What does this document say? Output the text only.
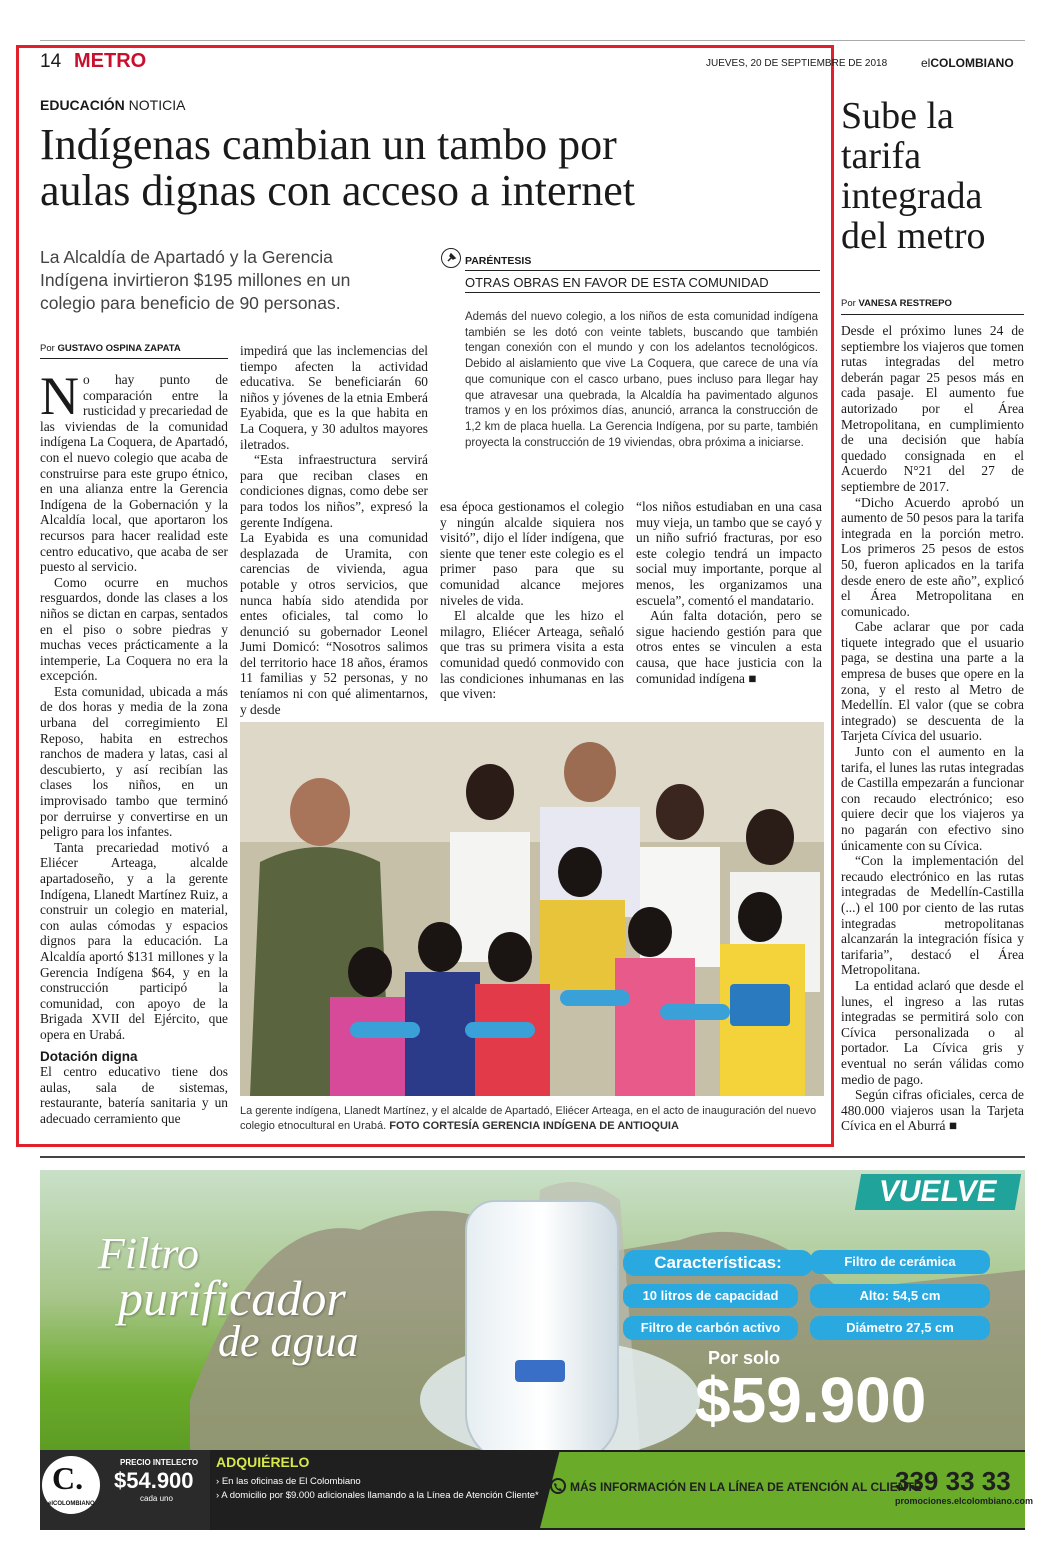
14 METRO	JUEVES, 20 DE SEPTIEMBRE DE 2018	elCOLOMBIANO
EDUCACIÓN NOTICIA
Indígenas cambian un tambo por
aulas dignas con acceso a internet
La Alcaldía de Apartadó y la Gerencia
Indígena invirtieron $195 millones en un
colegio para beneficio de 90 personas.
PARÉNTESIS
OTRAS OBRAS EN FAVOR DE ESTA COMUNIDAD
Además del nuevo colegio, a los niños de esta comunidad indígena también se les dotó con veinte tablets, buscando que también tengan conexión con el mundo y con los adelantos tecnológicos. Debido al aislamiento que vive La Coquera, que carece de una vía que comunique con el casco urbano, pues incluso para llegar hay que atravesar una quebrada, la Alcaldía ha pavimentado algunos tramos y en los próximos días, anunció, arranca la construcción de 1,2 km de placa huella. La Gerencia Indígena, por su parte, también proyecta la construcción de 19 viviendas, obra próxima a iniciarse.
Por GUSTAVO OSPINA ZAPATA

No hay punto de comparación entre la rusticidad y precariedad de las viviendas de la comunidad indígena La Coquera, de Apartadó, con el nuevo colegio que acaba de construirse para este grupo étnico, en una alianza entre la Gerencia Indígena de la Gobernación y la Alcaldía local, que aportaron los recursos para hacer realidad este centro educativo, que acaba de ser puesto al servicio.

Como ocurre en muchos resguardos, donde las clases a los niños se dictan en carpas, sentados en el piso o sobre piedras y muchas veces prácticamente a la intemperie, La Coquera no era la excepción.

Esta comunidad, ubicada a más de dos horas y media de la zona urbana del corregimiento El Reposo, habita en estrechos ranchos de madera y latas, casi al descubierto, y así recibían las clases los niños, en un improvisado tambo que terminó por derruirse y convertirse en un peligro para los infantes.

Tanta precariedad motivó a Eliécer Arteaga, alcalde apartadoseño, y a la gerente Indígena, Llanedt Martínez Ruiz, a construir un colegio en material, con aulas cómodas y espacios dignos para la educación. La Alcaldía aportó $131 millones y la Gerencia Indígena $64, y en la construcción participó la comunidad, con apoyo de la Brigada XVII del Ejército, que opera en Urabá.

Dotación digna

El centro educativo tiene dos aulas, sala de sistemas, restaurante, batería sanitaria y un adecuado cerramiento que

impedirá que las inclemencias del tiempo afecten la actividad educativa. Se beneficiarán 60 niños y jóvenes de la etnia Emberá Eyabida, que es la que habita en La Coquera, y 30 adultos mayores iletrados.

“Esta infraestructura servirá para que reciban clases en condiciones dignas, como debe ser para todos los niños”, expresó la gerente Indígena.

La Eyabida es una comunidad desplazada de Uramita, con carencias de vivienda, agua potable y otros servicios, que nunca había sido atendida por entes oficiales, tal como lo denunció su gobernador Leonel Jumi Domicó: “Nosotros salimos del territorio hace 18 años, éramos 11 familias y 52 personas, y no teníamos ni con qué alimentarnos, y desde

esa época gestionamos el colegio y ningún alcalde siquiera nos visitó”, dijo el líder indígena, que siente que tener este colegio es el primer paso para que su comunidad alcance mejores niveles de vida.

El alcalde que les hizo el milagro, Eliécer Arteaga, señaló que tras su primera visita a esta comunidad quedó conmovido con las condiciones inhumanas en las que viven:

“los niños estudiaban en una casa muy vieja, un tambo que se cayó y un niño sufrió fracturas, por eso este colegio tendrá un impacto social muy importante, porque al menos, les organizamos una escuela”, comentó el mandatario.

Aún falta dotación, pero se sigue haciendo gestión para que otros entes se vinculen a esta causa, que hace justicia con la comunidad indígena ■

La gerente indígena, Llanedt Martínez, y el alcalde de Apartadó, Eliécer Arteaga, en el acto de inauguración del nuevo colegio etnocultural en Urabá. FOTO CORTESÍA GERENCIA INDÍGENA DE ANTIOQUIA
Sube la
tarifa
integrada
del metro
Por VANESA RESTREPO

Desde el próximo lunes 24 de septiembre los viajeros que tomen rutas integradas del metro deberán pagar 25 pesos más en cada pasaje. El aumento fue autorizado por el Área Metropolitana, en cumplimiento de una decisión que había quedado consignada en el Acuerdo N°21 del 27 de septiembre de 2017.

“Dicho Acuerdo aprobó un aumento de 50 pesos para la tarifa integrada en la porción metro. Los primeros 25 pesos de estos 50, fueron aplicados en la tarifa desde enero de este año”, explicó el Área Metropolitana en comunicado.

Cabe aclarar que por cada tiquete integrado que el usuario paga, se destina una parte a la empresa de buses que opere en la zona, y el resto al Metro de Medellín. El valor (que se cobra integrado) se descuenta de la Tarjeta Cívica del usuario.

Junto con el aumento en la tarifa, el lunes las rutas integradas de Castilla empezarán a funcionar con recaudo electrónico; eso quiere decir que los viajeros ya no pagarán con efectivo sino únicamente con su Cívica.

“Con la implementación del recaudo electrónico en las rutas integradas de Medellín-Castilla (...) el 100 por ciento de las rutas integradas metropolitanas alcanzarán la integración física y tarifaria”, destacó el Área Metropolitana.

La entidad aclaró que desde el lunes, el ingreso a las rutas integradas se permitirá solo con Cívica personalizada o al portador. La Cívica gris y eventual no serán válidas como medio de pago.

Según cifras oficiales, cerca de 480.000 viajeros usan la Tarjeta Cívica en el Aburrá ■

VUELVE
Filtro
purificador
de agua
Características:	Filtro de cerámica
10 litros de capacidad	Alto: 54,5 cm
Filtro de carbón activo	Diámetro 27,5 cm
Por solo
$59.900
C.
elCOLOMBIANO
PRECIO INTELECTO
$54.900
cada uno
ADQUIÉRELO
› En las oficinas de El Colombiano
› A domicilio por $9.000 adicionales llamando a la Línea de Atención Cliente*
MÁS INFORMACIÓN EN LA LÍNEA DE ATENCIÓN AL CLIENTE
339 33 33
promociones.elcolombiano.com
